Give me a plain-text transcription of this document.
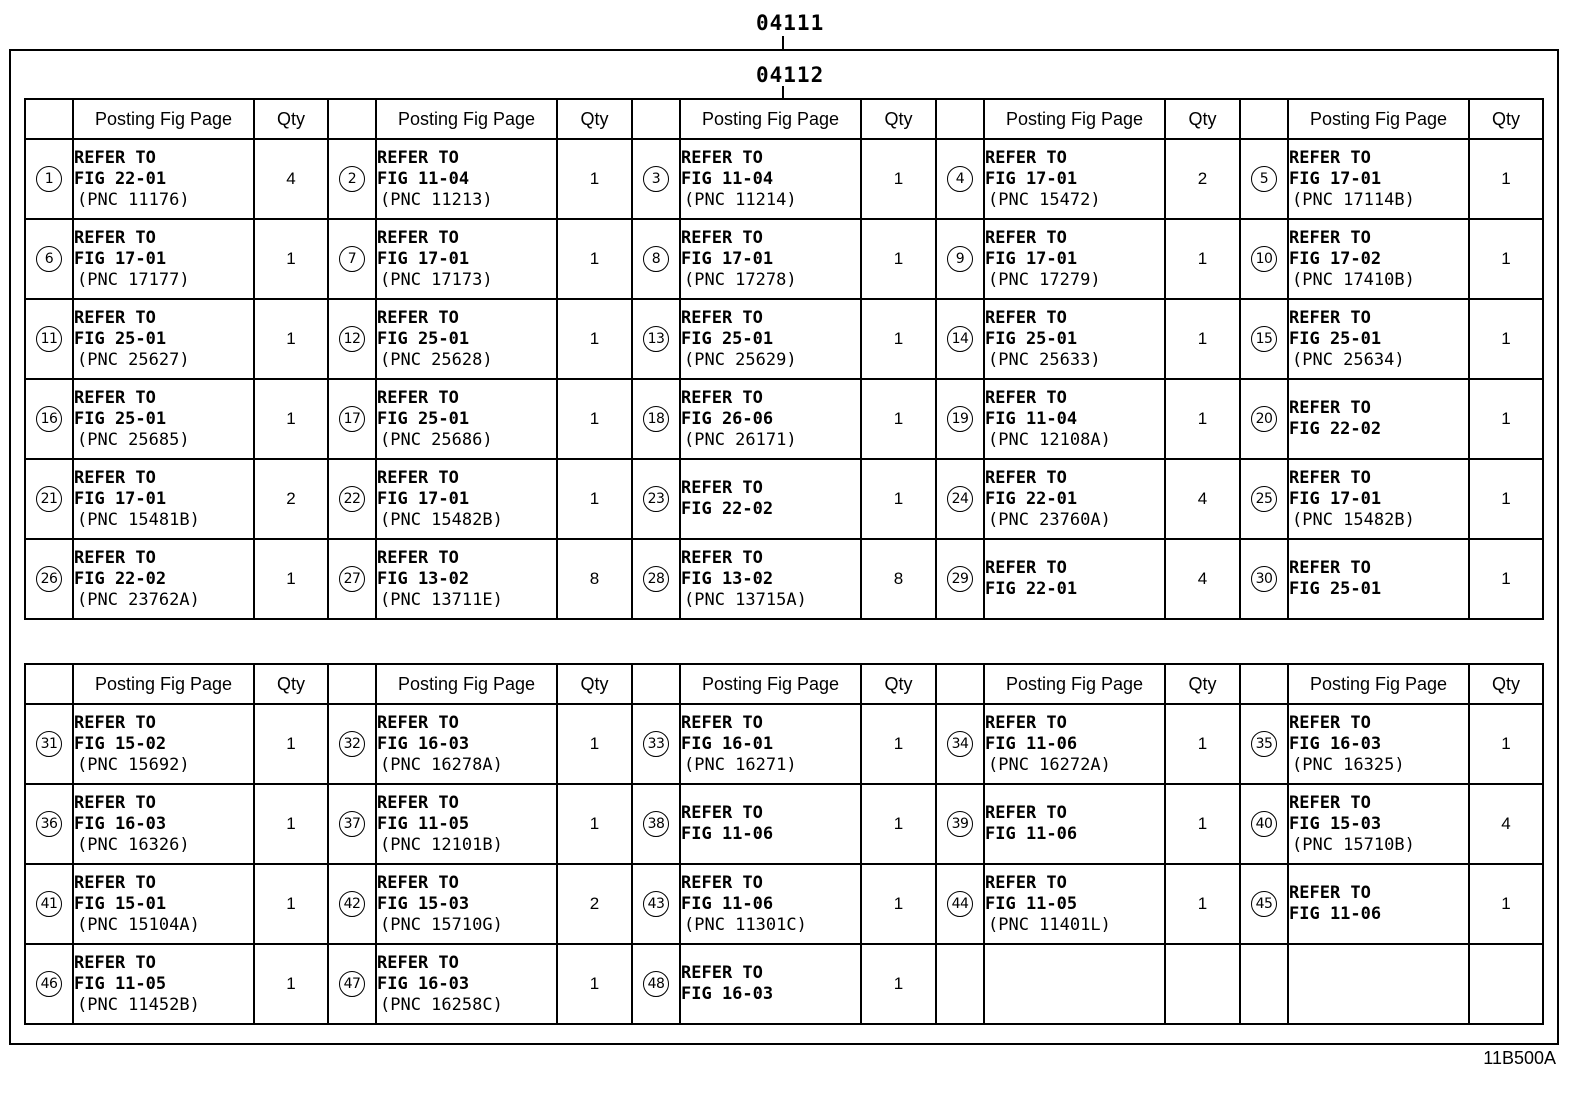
04111
04112
	Posting Fig Page	Qty		Posting Fig Page	Qty		Posting Fig Page	Qty		Posting Fig Page	Qty		Posting Fig Page	Qty
1	REFER TO
FIG 22-01
(PNC 11176)	4	2	REFER TO
FIG 11-04
(PNC 11213)	1	3	REFER TO
FIG 11-04
(PNC 11214)	1	4	REFER TO
FIG 17-01
(PNC 15472)	2	5	REFER TO
FIG 17-01
(PNC 17114B)	1
6	REFER TO
FIG 17-01
(PNC 17177)	1	7	REFER TO
FIG 17-01
(PNC 17173)	1	8	REFER TO
FIG 17-01
(PNC 17278)	1	9	REFER TO
FIG 17-01
(PNC 17279)	1	10	REFER TO
FIG 17-02
(PNC 17410B)	1
11	REFER TO
FIG 25-01
(PNC 25627)	1	12	REFER TO
FIG 25-01
(PNC 25628)	1	13	REFER TO
FIG 25-01
(PNC 25629)	1	14	REFER TO
FIG 25-01
(PNC 25633)	1	15	REFER TO
FIG 25-01
(PNC 25634)	1
16	REFER TO
FIG 25-01
(PNC 25685)	1	17	REFER TO
FIG 25-01
(PNC 25686)	1	18	REFER TO
FIG 26-06
(PNC 26171)	1	19	REFER TO
FIG 11-04
(PNC 12108A)	1	20	REFER TO
FIG 22-02	1
21	REFER TO
FIG 17-01
(PNC 15481B)	2	22	REFER TO
FIG 17-01
(PNC 15482B)	1	23	REFER TO
FIG 22-02	1	24	REFER TO
FIG 22-01
(PNC 23760A)	4	25	REFER TO
FIG 17-01
(PNC 15482B)	1
26	REFER TO
FIG 22-02
(PNC 23762A)	1	27	REFER TO
FIG 13-02
(PNC 13711E)	8	28	REFER TO
FIG 13-02
(PNC 13715A)	8	29	REFER TO
FIG 22-01	4	30	REFER TO
FIG 25-01	1
	Posting Fig Page	Qty		Posting Fig Page	Qty		Posting Fig Page	Qty		Posting Fig Page	Qty		Posting Fig Page	Qty
31	REFER TO
FIG 15-02
(PNC 15692)	1	32	REFER TO
FIG 16-03
(PNC 16278A)	1	33	REFER TO
FIG 16-01
(PNC 16271)	1	34	REFER TO
FIG 11-06
(PNC 16272A)	1	35	REFER TO
FIG 16-03
(PNC 16325)	1
36	REFER TO
FIG 16-03
(PNC 16326)	1	37	REFER TO
FIG 11-05
(PNC 12101B)	1	38	REFER TO
FIG 11-06	1	39	REFER TO
FIG 11-06	1	40	REFER TO
FIG 15-03
(PNC 15710B)	4
41	REFER TO
FIG 15-01
(PNC 15104A)	1	42	REFER TO
FIG 15-03
(PNC 15710G)	2	43	REFER TO
FIG 11-06
(PNC 11301C)	1	44	REFER TO
FIG 11-05
(PNC 11401L)	1	45	REFER TO
FIG 11-06	1
46	REFER TO
FIG 11-05
(PNC 11452B)	1	47	REFER TO
FIG 16-03
(PNC 16258C)	1	48	REFER TO
FIG 16-03	1						
11B500A
